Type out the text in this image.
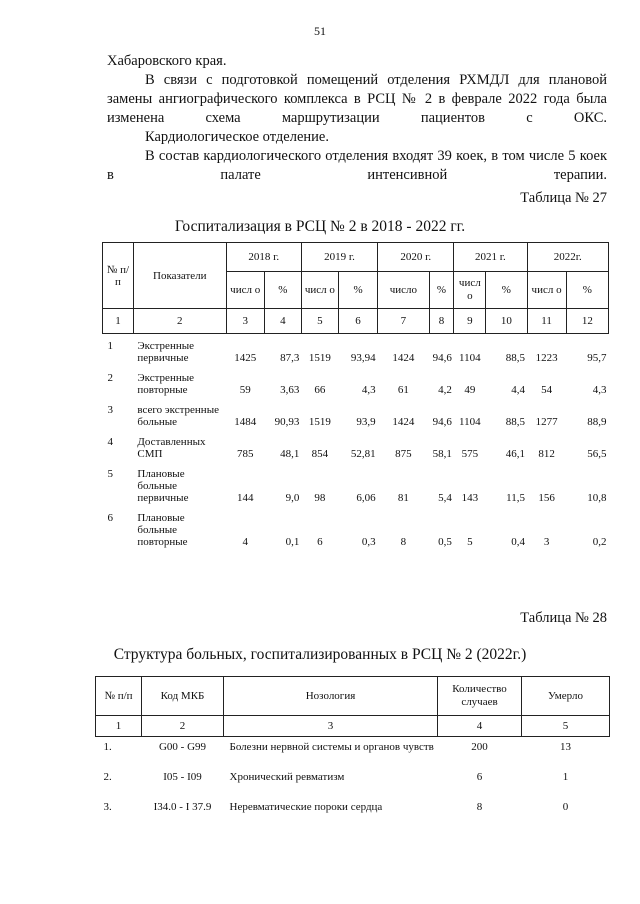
51

Хабаровского края.

В связи с подготовкой помещений отделения РХМДЛ для плановой замены ангиографического комплекса в РСЦ № 2 в феврале 2022 года была изменена схема маршрутизации пациентов с ОКС.

Кардиологическое отделение.

В состав кардиологического отделения входят 39 коек, в том числе 5 коек в палате интенсивной терапии.

Таблица № 27
Госпитализация в РСЦ № 2 в 2018 - 2022 гг.
№ п/п	Показатели	2018 г.		2019 г.		2020 г.		2021 г.		2022г.	
		числ о	%	числ о	%	число	%	числ о	%	числ о	%
1	2	3	4	5	6	7	8	9	10	11	12
1	Экстренные первичные	1425	87,3	1519	93,94	1424	94,6	1104	88,5	1223	95,7
2	Экстренные повторные	59	3,63	66	4,3	61	4,2	49	4,4	54	4,3
3	всего экстренные больные	1484	90,93	1519	93,9	1424	94,6	1104	88,5	1277	88,9
4	Доставленных СМП	785	48,1	854	52,81	875	58,1	575	46,1	812	56,5
5	Плановые больные первичные	144	9,0	98	6,06	81	5,4	143	11,5	156	10,8
6	Плановые больные повторные	4	0,1	6	0,3	8	0,5	5	0,4	3	0,2
Таблица № 28
Структура больных, госпитализированных в РСЦ № 2 (2022г.)
№ п/п	Код МКБ	Нозология	Количество случаев	Умерло
1	2	3	4	5
1.	G00 - G99	Болезни нервной системы и органов чувств	200	13
2.	I05 - I09	Хронический ревматизм	6	1
3.	I34.0 - I 37.9	Неревматические пороки сердца	8	0
